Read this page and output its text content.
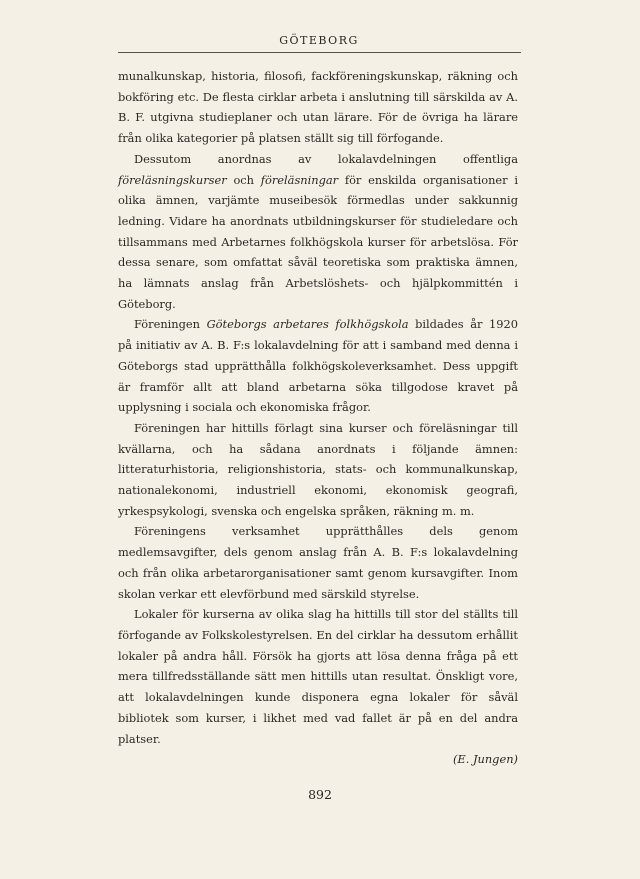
GÖTEBORG

munalkunskap, historia, filosofi, fackföreningskunskap, räkning och bokföring etc. De flesta cirklar arbeta i anslutning till särskilda av A. B. F. utgivna studieplaner och utan lärare. För de övriga ha lärare från olika kategorier på platsen ställt sig till förfogande.

Dessutom anordnas av lokalavdelningen offentliga föreläsningskurser och föreläsningar för enskilda organisationer i olika ämnen, varjämte museibesök förmedlas under sakkunnig ledning. Vidare ha anordnats utbildningskurser för studieledare och tillsammans med Arbetarnes folkhögskola kurser för arbetslösa. För dessa senare, som omfattat såväl teoretiska som praktiska ämnen, ha lämnats anslag från Arbetslöshets- och hjälpkommittén i Göteborg.

Föreningen Göteborgs arbetares folkhögskola bildades år 1920 på initiativ av A. B. F:s lokalavdelning för att i samband med denna i Göteborgs stad upprätthålla folkhögskoleverksamhet. Dess uppgift är framför allt att bland arbetarna söka tillgodose kravet på upplysning i sociala och ekonomiska frågor.

Föreningen har hittills förlagt sina kurser och föreläsningar till kvällarna, och ha sådana anordnats i följande ämnen: litteraturhistoria, religionshistoria, stats- och kommunalkunskap, nationalekonomi, industriell ekonomi, ekonomisk geografi, yrkespsykologi, svenska och engelska språken, räkning m. m.

Föreningens verksamhet upprätthålles dels genom medlemsavgifter, dels genom anslag från A. B. F:s lokalavdelning och från olika arbetarorganisationer samt genom kursavgifter. Inom skolan verkar ett elevförbund med särskild styrelse.

Lokaler för kurserna av olika slag ha hittills till stor del ställts till förfogande av Folkskolestyrelsen. En del cirklar ha dessutom erhållit lokaler på andra håll. Försök ha gjorts att lösa denna fråga på ett mera tillfredsställande sätt men hittills utan resultat. Önskligt vore, att lokalavdelningen kunde disponera egna lokaler för såväl bibliotek som kurser, i likhet med vad fallet är på en del andra platser.

(E. Jungen)

892
